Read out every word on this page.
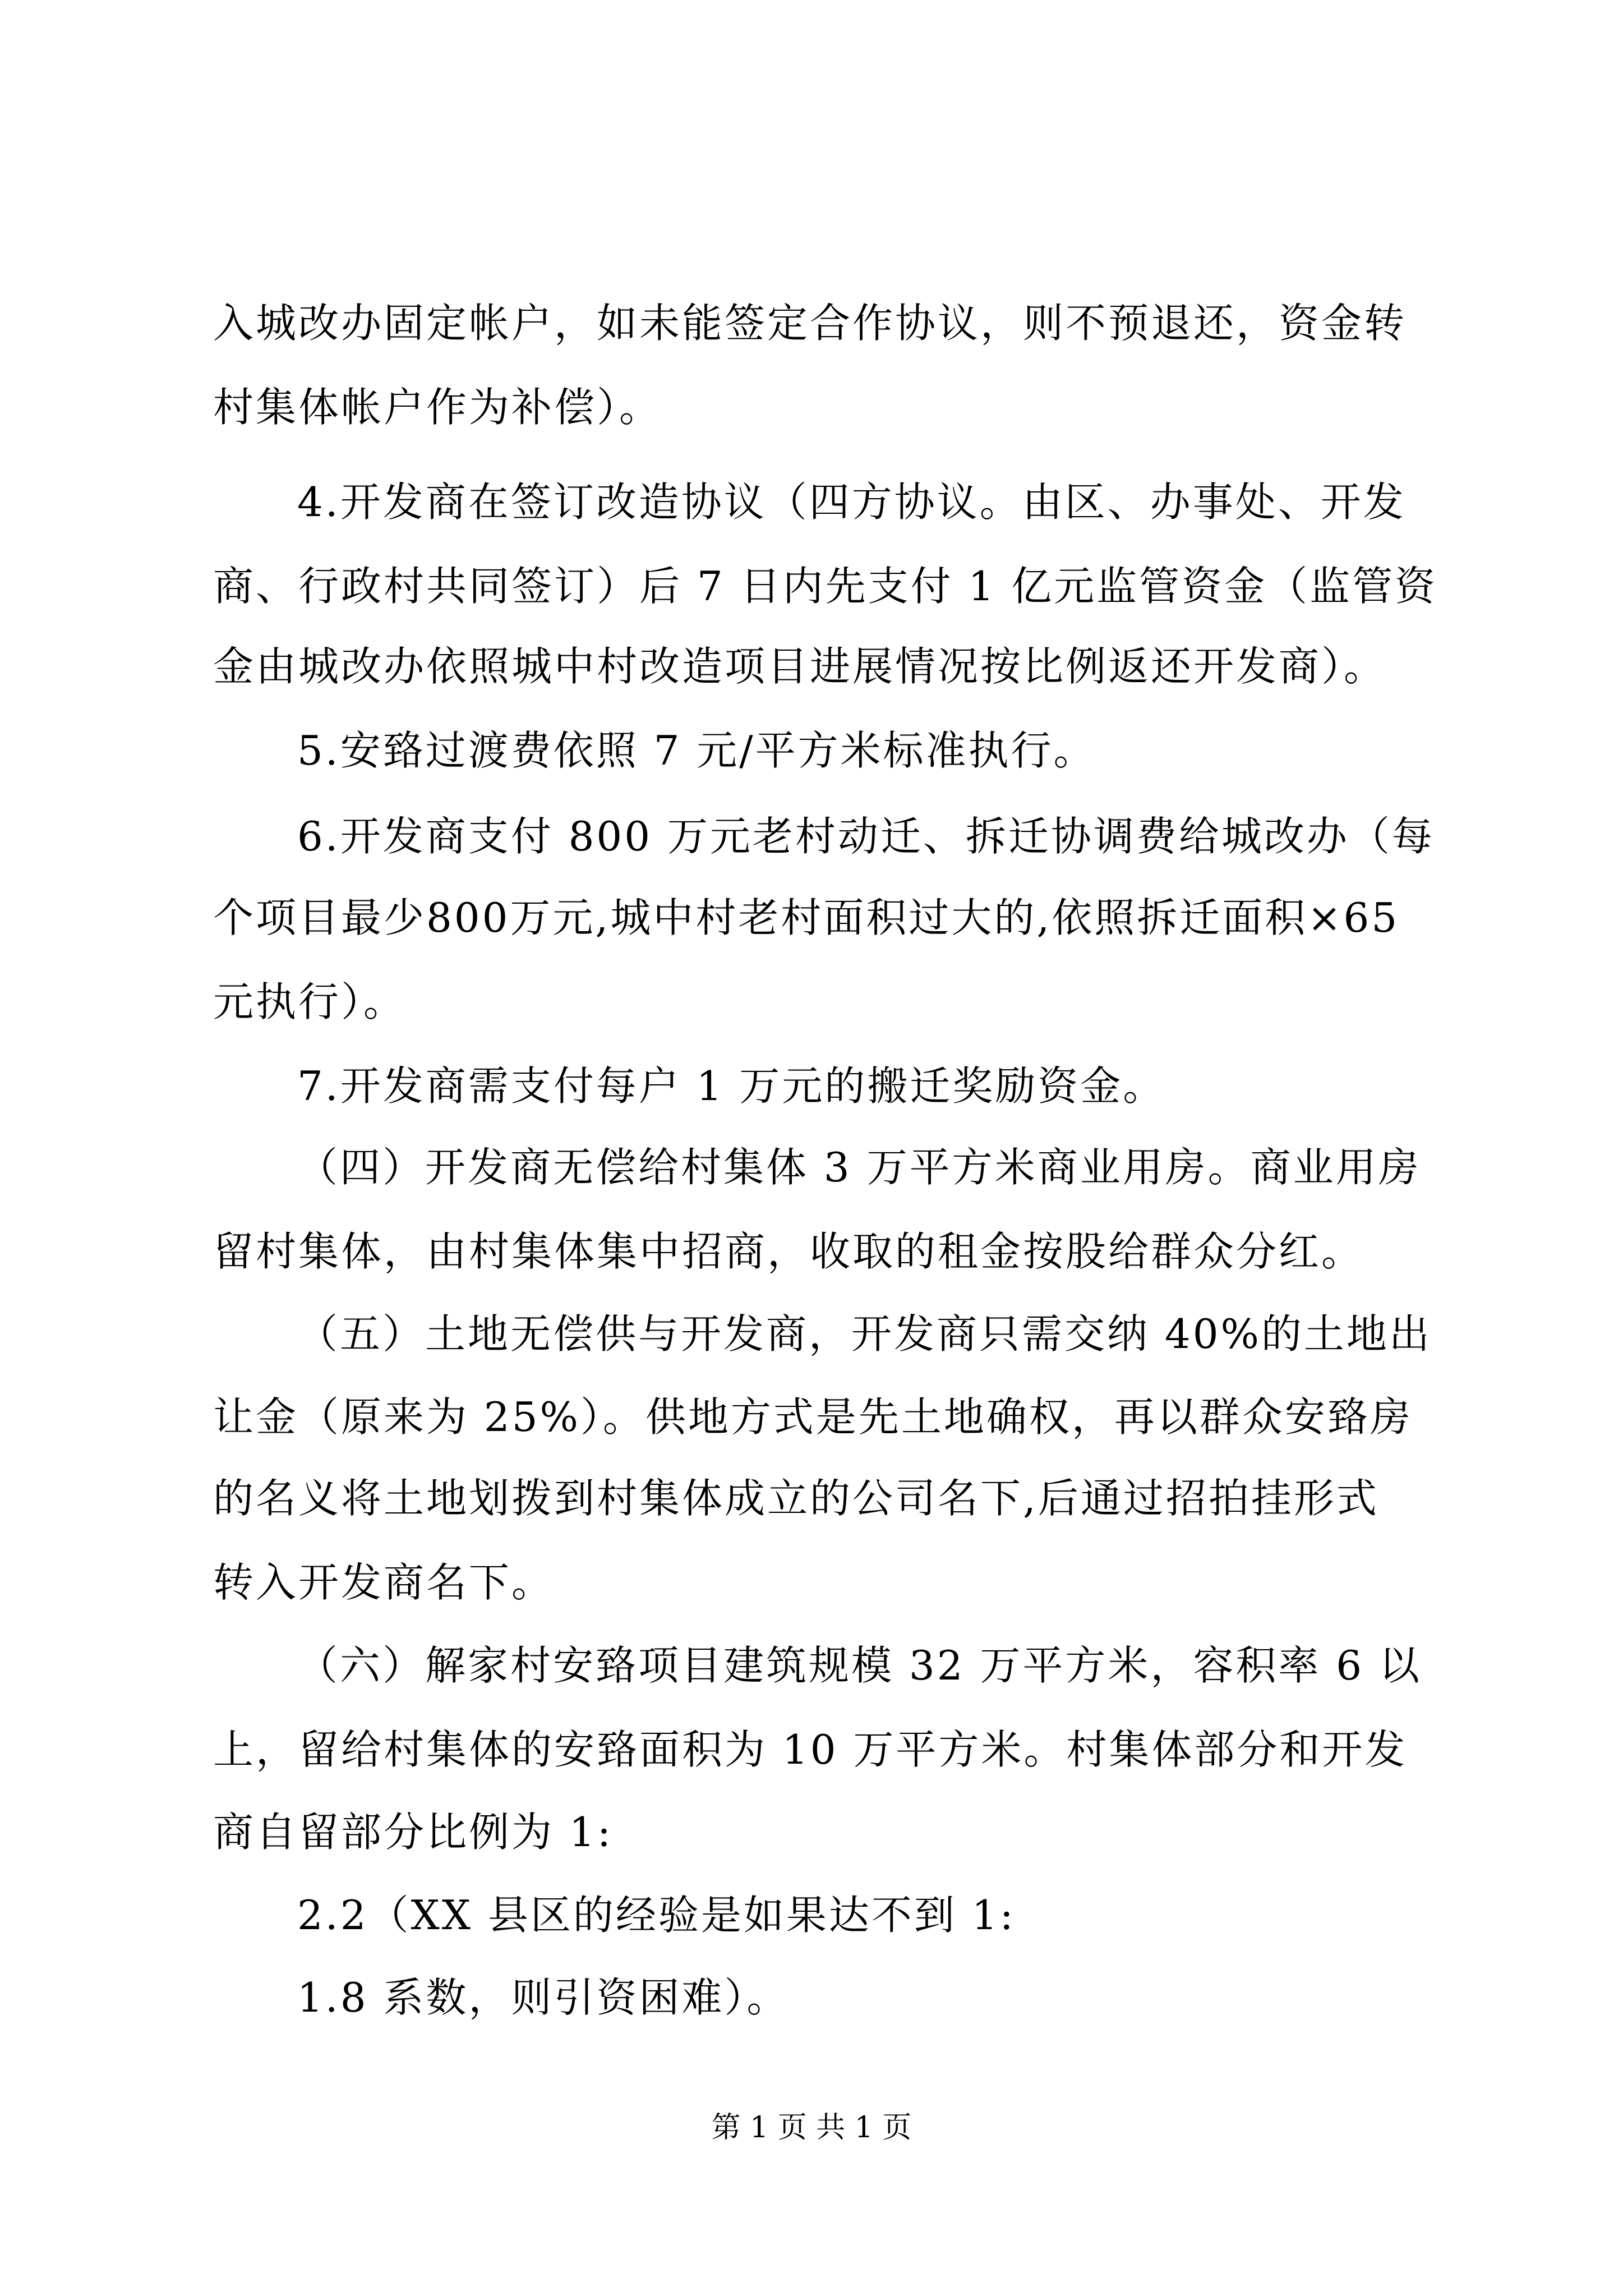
入城改办固定帐户，如未能签定合作协议，则不预退还，资金转
村集体帐户作为补偿）。
4.开发商在签订改造协议（四方协议。由区、办事处、开发
商、行政村共同签订）后 7 日内先支付 1 亿元监管资金（监管资
金由城改办依照城中村改造项目进展情况按比例返还开发商）。
5.安臵过渡费依照 7 元/平方米标准执行。
6.开发商支付 800 万元老村动迁、拆迁协调费给城改办（每
个项目最少800万元,城中村老村面积过大的,依照拆迁面积×65
元执行）。
7.开发商需支付每户 1 万元的搬迁奖励资金。
（四）开发商无偿给村集体 3 万平方米商业用房。商业用房
留村集体，由村集体集中招商，收取的租金按股给群众分红。
（五）土地无偿供与开发商，开发商只需交纳 40%的土地出
让金（原来为 25%）。供地方式是先土地确权，再以群众安臵房
的名义将土地划拨到村集体成立的公司名下,后通过招拍挂形式
转入开发商名下。
（六）解家村安臵项目建筑规模 32 万平方米，容积率 6 以
上，留给村集体的安臵面积为 10 万平方米。村集体部分和开发
商自留部分比例为 1:
2.2（XX 县区的经验是如果达不到 1:
1.8 系数，则引资困难）。
第 1 页 共 1 页
